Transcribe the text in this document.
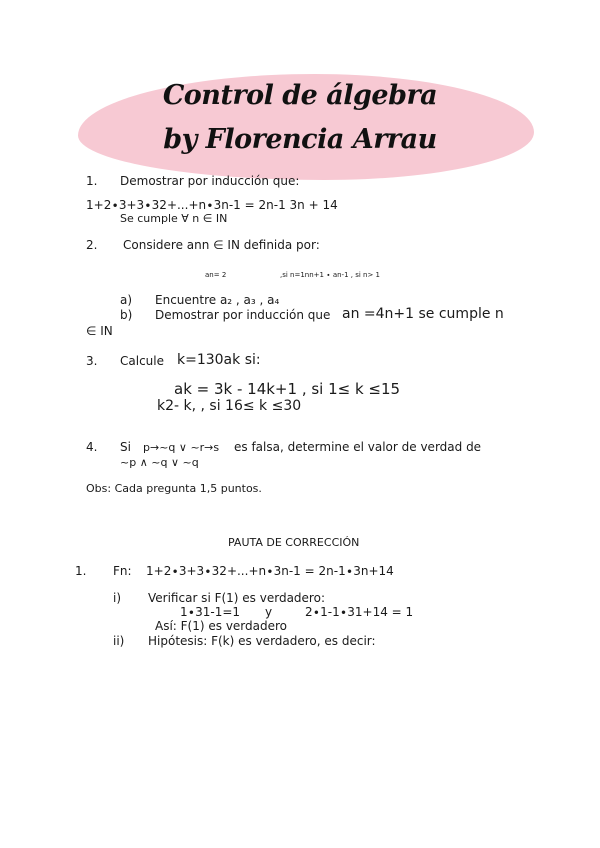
Control de álgebra
by Florencia Arrau
1. Demostrar por inducción que:
1+2∙3+3∙32+...+n∙3n-1 = 2n-1 3n + 14
Se cumple ∀ n ∈ IN
2. Considere ann ∈ IN definida por:
an= 2	,si n=1nn+1 ∙ an-1 , si n> 1
a) Encuentre a₂ , a₃ , a₄
b) Demostrar por inducción que an =4n+1 se cumple n
∈ IN
3. Calcule k=130ak si:
ak = 3k - 14k+1 , si 1≤ k ≤15
k2- k, , si 16≤ k ≤30
4. Si p→~q ∨ ~r→s es falsa, determine el valor de verdad de
~p ∧ ~q ∨ ~q
Obs: Cada pregunta 1,5 puntos.
PAUTA DE CORRECCIÓN
1. Fn: 1+2∙3+3∙32+...+n∙3n-1 = 2n-1∙3n+14
i) Verificar si F(1) es verdadero:
1∙31-1=1 y	2∙1-1∙31+14 = 1
Así: F(1) es verdadero
ii) Hipótesis: F(k) es verdadero, es decir:
